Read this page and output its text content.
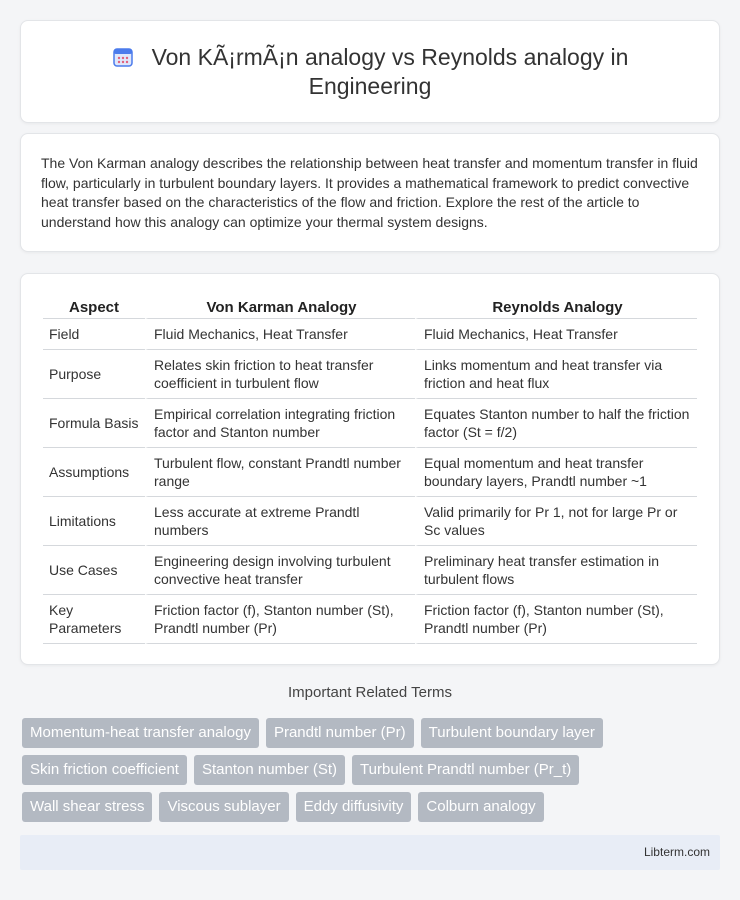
Von KÃ¡rmÃ¡n analogy vs Reynolds analogy in Engineering

The Von Karman analogy describes the relationship between heat transfer and momentum transfer in fluid flow, particularly in turbulent boundary layers. It provides a mathematical framework to predict convective heat transfer based on the characteristics of the flow and friction. Explore the rest of the article to understand how this analogy can optimize your thermal system designs.

Aspect	Von Karman Analogy	Reynolds Analogy
Field	Fluid Mechanics, Heat Transfer	Fluid Mechanics, Heat Transfer
Purpose	Relates skin friction to heat transfer coefficient in turbulent flow	Links momentum and heat transfer via friction and heat flux
Formula Basis	Empirical correlation integrating friction factor and Stanton number	Equates Stanton number to half the friction factor (St = f/2)
Assumptions	Turbulent flow, constant Prandtl number range	Equal momentum and heat transfer boundary layers, Prandtl number ~1
Limitations	Less accurate at extreme Prandtl numbers	Valid primarily for Pr 1, not for large Pr or Sc values
Use Cases	Engineering design involving turbulent convective heat transfer	Preliminary heat transfer estimation in turbulent flows
Key Parameters	Friction factor (f), Stanton number (St), Prandtl number (Pr)	Friction factor (f), Stanton number (St), Prandtl number (Pr)
Important Related Terms
Momentum-heat transfer analogy	Prandtl number (Pr)	Turbulent boundary layer
Skin friction coefficient	Stanton number (St)	Turbulent Prandtl number (Pr_t)
Wall shear stress	Viscous sublayer	Eddy diffusivity	Colburn analogy
Libterm.com
